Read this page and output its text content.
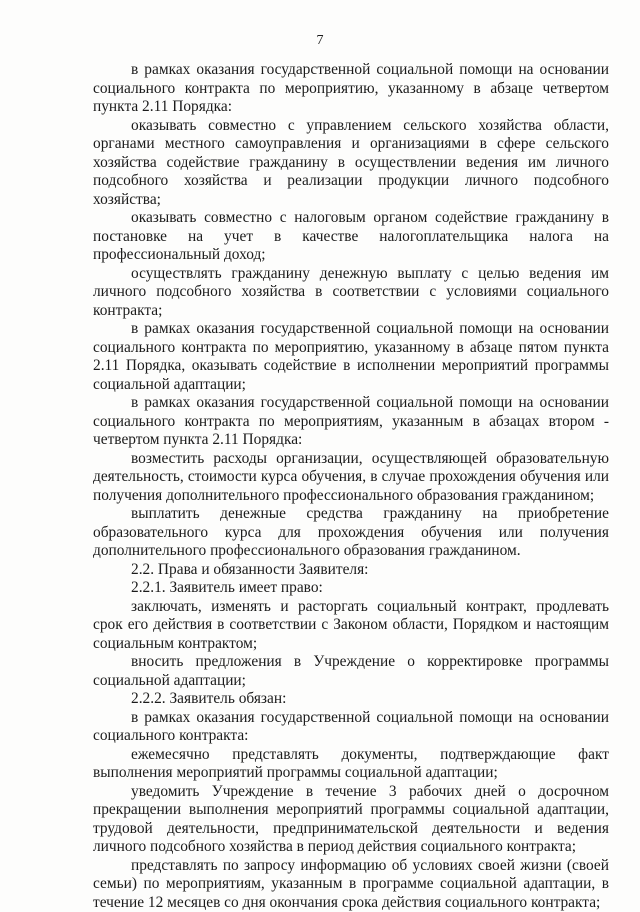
7

в рамках оказания государственной социальной помощи на основании социального контракта по мероприятию, указанному в абзаце четвертом пункта 2.11 Порядка:

оказывать совместно с управлением сельского хозяйства области, органами местного самоуправления и организациями в сфере сельского хозяйства содействие гражданину в осуществлении ведения им личного подсобного хозяйства и реализации продукции личного подсобного хозяйства;

оказывать совместно с налоговым органом содействие гражданину в постановке на учет в качестве налогоплательщика налога на профессиональный доход;

осуществлять гражданину денежную выплату с целью ведения им личного подсобного хозяйства в соответствии с условиями социального контракта;

в рамках оказания государственной социальной помощи на основании социального контракта по мероприятию, указанному в абзаце пятом пункта 2.11 Порядка, оказывать содействие в исполнении мероприятий программы социальной адаптации;

в рамках оказания государственной социальной помощи на основании социального контракта по мероприятиям, указанным в абзацах втором - четвертом пункта 2.11 Порядка:

возместить расходы организации, осуществляющей образовательную деятельность, стоимости курса обучения, в случае прохождения обучения или получения дополнительного профессионального образования гражданином;

выплатить денежные средства гражданину на приобретение образовательного курса для прохождения обучения или получения дополнительного профессионального образования гражданином.

2.2. Права и обязанности Заявителя:

2.2.1. Заявитель имеет право:

заключать, изменять и расторгать социальный контракт, продлевать срок его действия в соответствии с Законом области, Порядком и настоящим социальным контрактом;

вносить предложения в Учреждение о корректировке программы социальной адаптации;

2.2.2. Заявитель обязан:

в рамках оказания государственной социальной помощи на основании социального контракта:

ежемесячно представлять документы, подтверждающие факт выполнения мероприятий программы социальной адаптации;

уведомить Учреждение в течение 3 рабочих дней о досрочном прекращении выполнения мероприятий программы социальной адаптации, трудовой деятельности, предпринимательской деятельности и ведения личного подсобного хозяйства в период действия социального контракта;

представлять по запросу информацию об условиях своей жизни (своей семьи) по мероприятиям, указанным в программе социальной адаптации, в течение 12 месяцев со дня окончания срока действия социального контракта;
